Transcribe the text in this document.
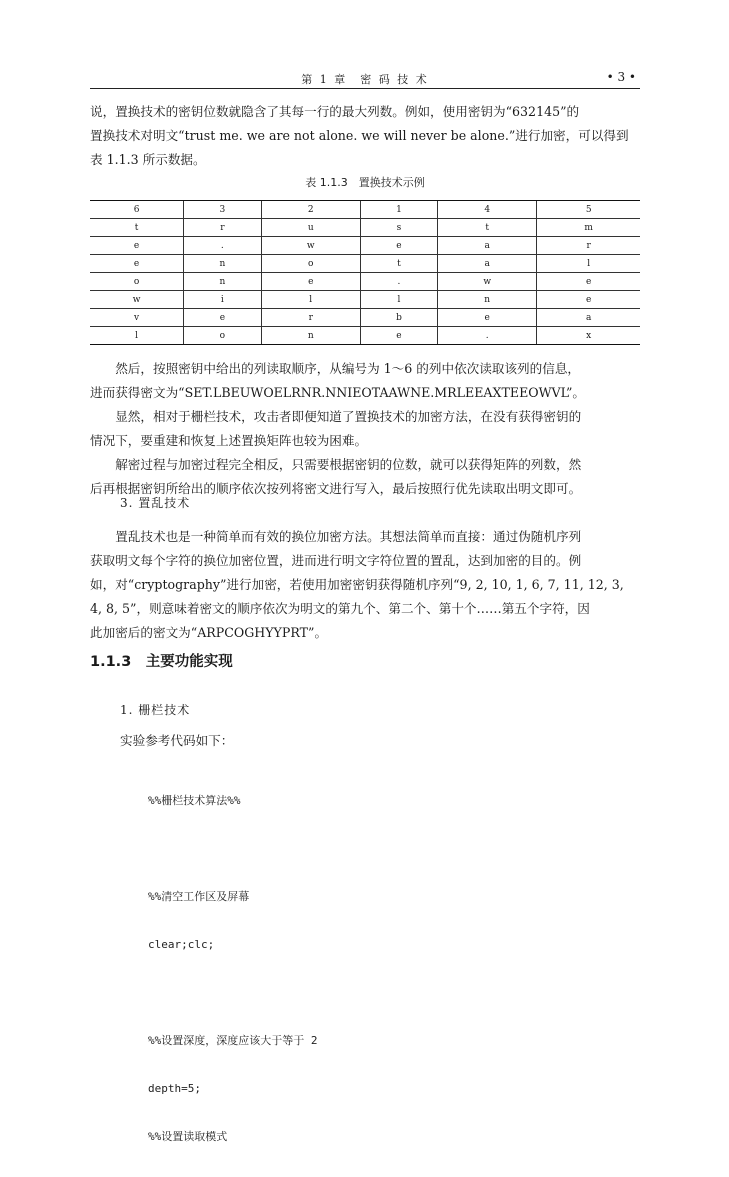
第 1 章　密 码 技 术	• 3 •
说，置换技术的密钥位数就隐含了其每一行的最大列数。例如，使用密钥为“632145”的
置换技术对明文“trust me. we are not alone. we will never be alone.”进行加密，可以得到
表 1.1.3 所示数据。
表 1.1.3　置换技术示例
6	3	2	1	4	5
t	r	u	s	t	m
e	.	w	e	a	r
e	n	o	t	a	l
o	n	e	.	w	e
w	i	l	l	n	e
v	e	r	b	e	a
l	o	n	e	.	x
　　然后，按照密钥中给出的列读取顺序，从编号为 1～6 的列中依次读取该列的信息，
进而获得密文为“SET.LBEUWOELRNR.NNIEOTAAWNE.MRLEEAXTEEOWVL”。
　　显然，相对于栅栏技术，攻击者即便知道了置换技术的加密方法，在没有获得密钥的
情况下，要重建和恢复上述置换矩阵也较为困难。
　　解密过程与加密过程完全相反，只需要根据密钥的位数，就可以获得矩阵的列数，然
后再根据密钥所给出的顺序依次按列将密文进行写入，最后按照行优先读取出明文即可。
3. 置乱技术
　　置乱技术也是一种简单而有效的换位加密方法。其想法简单而直接：通过伪随机序列
获取明文每个字符的换位加密位置，进而进行明文字符位置的置乱，达到加密的目的。例
如，对“cryptography”进行加密，若使用加密密钥获得随机序列“9, 2, 10, 1, 6, 7, 11, 12, 3,
4, 8, 5”，则意味着密文的顺序依次为明文的第九个、第二个、第十个……第五个字符，因
此加密后的密文为“ARPCOGHYYPRT”。
1.1.3　主要功能实现
1. 栅栏技术
实验参考代码如下：

%%栅栏技术算法%%

%%清空工作区及屏幕

clear;clc;

%%设置深度，深度应该大于等于 2

depth=5;

%%设置读取模式
